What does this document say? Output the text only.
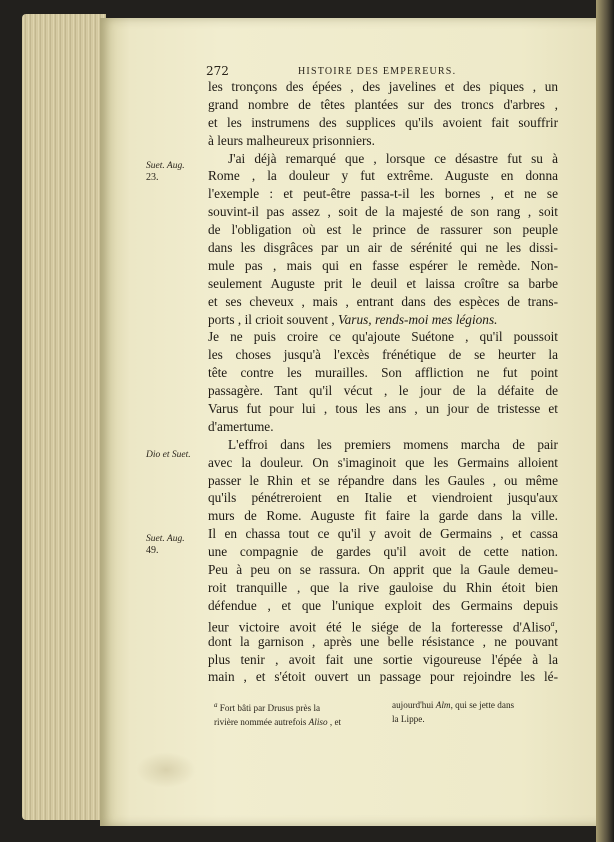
272	HISTOIRE DES EMPEREURS.
Suet. Aug.
23.
Dio et Suet.
Suet. Aug.
49.
les tronçons des épées , des javelines et des piques , un
grand nombre de têtes plantées sur des troncs d'arbres ,
et les instrumens des supplices qu'ils avoient fait souffrir
à leurs malheureux prisonniers.
J'ai déjà remarqué que , lorsque ce désastre fut su à
Rome , la douleur y fut extrême. Auguste en donna
l'exemple : et peut-être passa-t-il les bornes , et ne se
souvint-il pas assez , soit de la majesté de son rang , soit
de l'obligation où est le prince de rassurer son peuple
dans les disgrâces par un air de sérénité qui ne les dissi-
mule pas , mais qui en fasse espérer le remède. Non-
seulement Auguste prit le deuil et laissa croître sa barbe
et ses cheveux , mais , entrant dans des espèces de trans-
ports , il crioit souvent , Varus, rends-moi mes légions.
Je ne puis croire ce qu'ajoute Suétone , qu'il poussoit
les choses jusqu'à l'excès frénétique de se heurter la
tête contre les murailles. Son affliction ne fut point
passagère. Tant qu'il vécut , le jour de la défaite de
Varus fut pour lui , tous les ans , un jour de tristesse et
d'amertume.
L'effroi dans les premiers momens marcha de pair
avec la douleur. On s'imaginoit que les Germains alloient
passer le Rhin et se répandre dans les Gaules , ou même
qu'ils pénétreroient en Italie et viendroient jusqu'aux
murs de Rome. Auguste fit faire la garde dans la ville.
Il en chassa tout ce qu'il y avoit de Germains , et cassa
une compagnie de gardes qu'il avoit de cette nation.
Peu à peu on se rassura. On apprit que la Gaule demeu-
roit tranquille , que la rive gauloise du Rhin étoit bien
défendue , et que l'unique exploit des Germains depuis
leur victoire avoit été le siége de la forteresse d'Aliso$^a$,
dont la garnison , après une belle résistance , ne pouvant
plus tenir , avoit fait une sortie vigoureuse l'épée à la
main , et s'étoit ouvert un passage pour rejoindre les lé-
$^a$ Fort bâti par Drusus près la
rivière nommée autrefois Aliso , et
aujourd'hui Alm, qui se jette dans
la Lippe.
